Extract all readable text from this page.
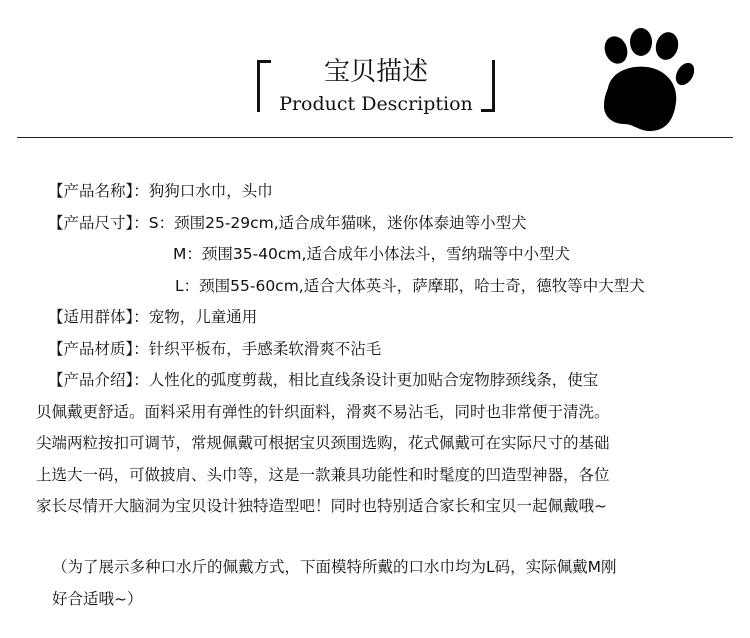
宝贝描述
Product Description
【产品名称】：狗狗口水巾，头巾
【产品尺寸】：S：颈围25-29cm,适合成年猫咪，迷你体泰迪等小型犬
M：颈围35-40cm,适合成年小体法斗，雪纳瑞等中小型犬
L：颈围55-60cm,适合大体英斗，萨摩耶，哈士奇，德牧等中大型犬
【适用群体】：宠物，儿童通用
【产品材质】：针织平板布，手感柔软滑爽不沾毛
【产品介绍】：人性化的弧度剪裁，相比直线条设计更加贴合宠物脖颈线条，使宝
贝佩戴更舒适。面料采用有弹性的针织面料，滑爽不易沾毛，同时也非常便于清洗。
尖端两粒按扣可调节，常规佩戴可根据宝贝颈围选购，花式佩戴可在实际尺寸的基础
上选大一码，可做披肩、头巾等，这是一款兼具功能性和时髦度的凹造型神器，各位
家长尽情开大脑洞为宝贝设计独特造型吧！同时也特别适合家长和宝贝一起佩戴哦~
（为了展示多种口水斤的佩戴方式，下面模特所戴的口水巾均为L码，实际佩戴M刚
好合适哦~）
